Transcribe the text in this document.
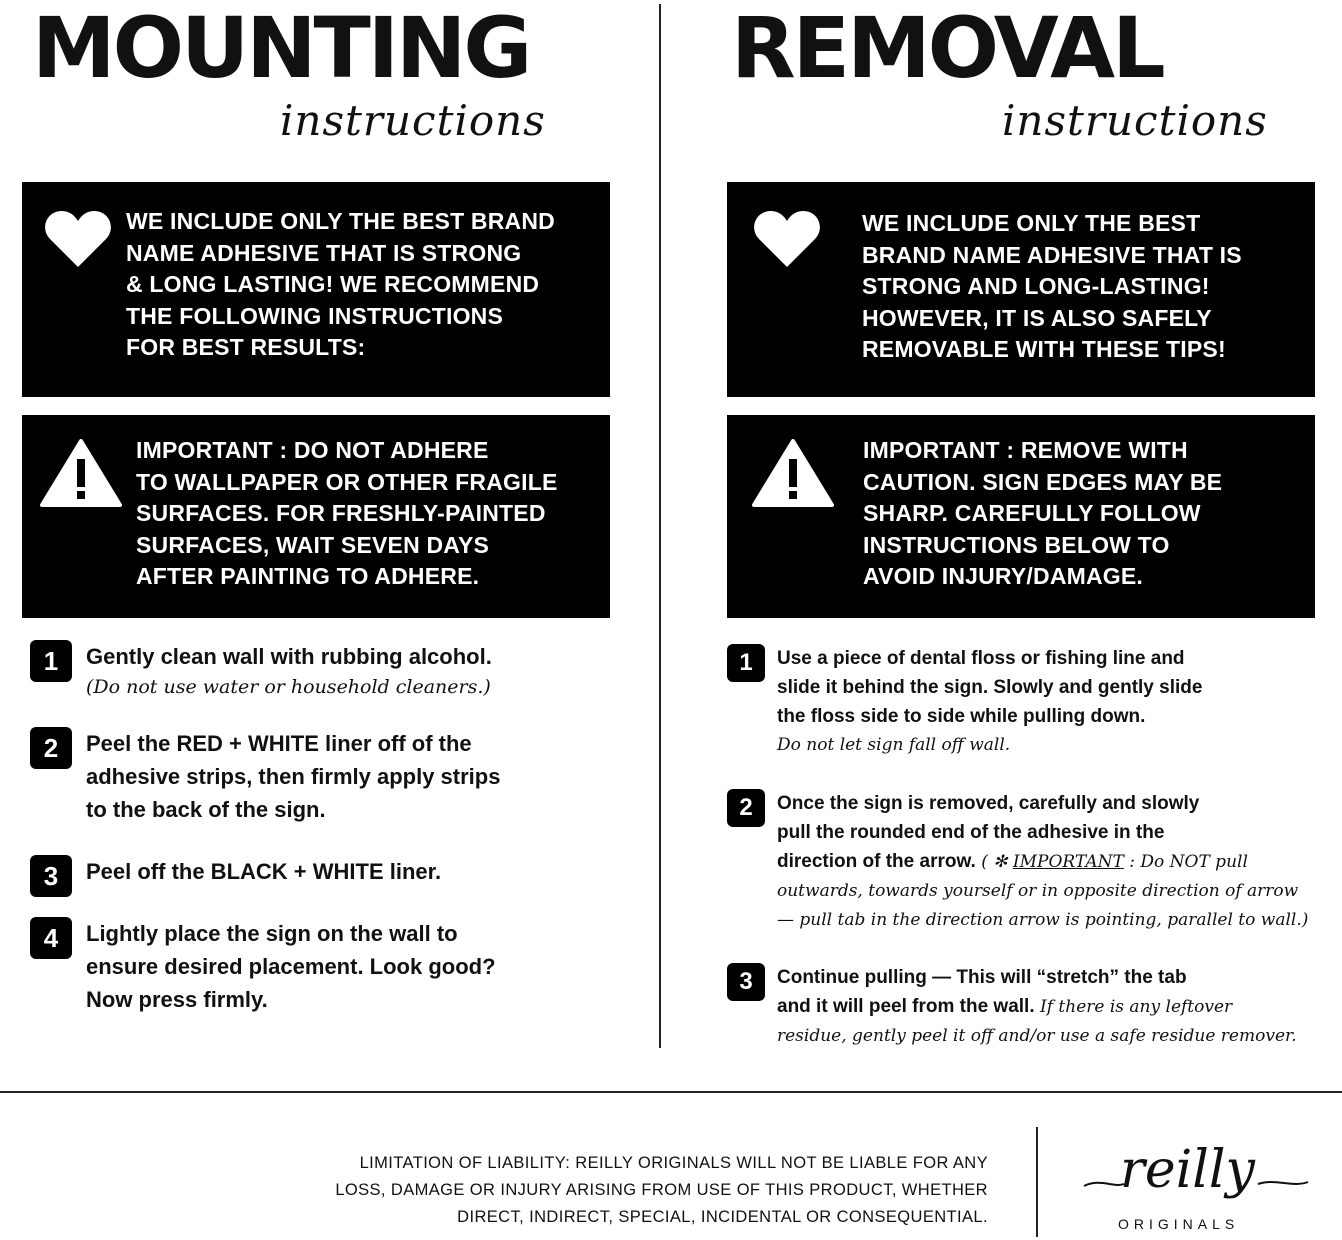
MOUNTING
instructions
WE INCLUDE ONLY THE BEST BRAND
NAME ADHESIVE THAT IS STRONG
& LONG LASTING! WE RECOMMEND
THE FOLLOWING INSTRUCTIONS
FOR BEST RESULTS:
IMPORTANT : DO NOT ADHERE
TO WALLPAPER OR OTHER FRAGILE
SURFACES. FOR FRESHLY-PAINTED
SURFACES, WAIT SEVEN DAYS
AFTER PAINTING TO ADHERE.
1	Gently clean wall with rubbing alcohol.
(Do not use water or household cleaners.)
2	Peel the RED + WHITE liner off of the
adhesive strips, then firmly apply strips
to the back of the sign.
3	Peel off the BLACK + WHITE liner.
4	Lightly place the sign on the wall to
ensure desired placement. Look good?
Now press firmly.
REMOVAL
instructions
WE INCLUDE ONLY THE BEST
BRAND NAME ADHESIVE THAT IS
STRONG AND LONG-LASTING!
HOWEVER, IT IS ALSO SAFELY
REMOVABLE WITH THESE TIPS!
IMPORTANT : REMOVE WITH
CAUTION. SIGN EDGES MAY BE
SHARP. CAREFULLY FOLLOW
INSTRUCTIONS BELOW TO
AVOID INJURY/DAMAGE.
1	Use a piece of dental floss or fishing line and
slide it behind the sign. Slowly and gently slide
the floss side to side while pulling down.
Do not let sign fall off wall.
2	Once the sign is removed, carefully and slowly
pull the rounded end of the adhesive in the
direction of the arrow. ( ✻ IMPORTANT : Do NOT pull
outwards, towards yourself or in opposite direction of arrow
— pull tab in the direction arrow is pointing, parallel to wall.)
3	Continue pulling — This will “stretch” the tab
and it will peel from the wall. If there is any leftover
residue, gently peel it off and/or use a safe residue remover.
LIMITATION OF LIABILITY: REILLY ORIGINALS WILL NOT BE LIABLE FOR ANY
LOSS, DAMAGE OR INJURY ARISING FROM USE OF THIS PRODUCT, WHETHER
DIRECT, INDIRECT, SPECIAL, INCIDENTAL OR CONSEQUENTIAL.
reilly
ORIGINALS
